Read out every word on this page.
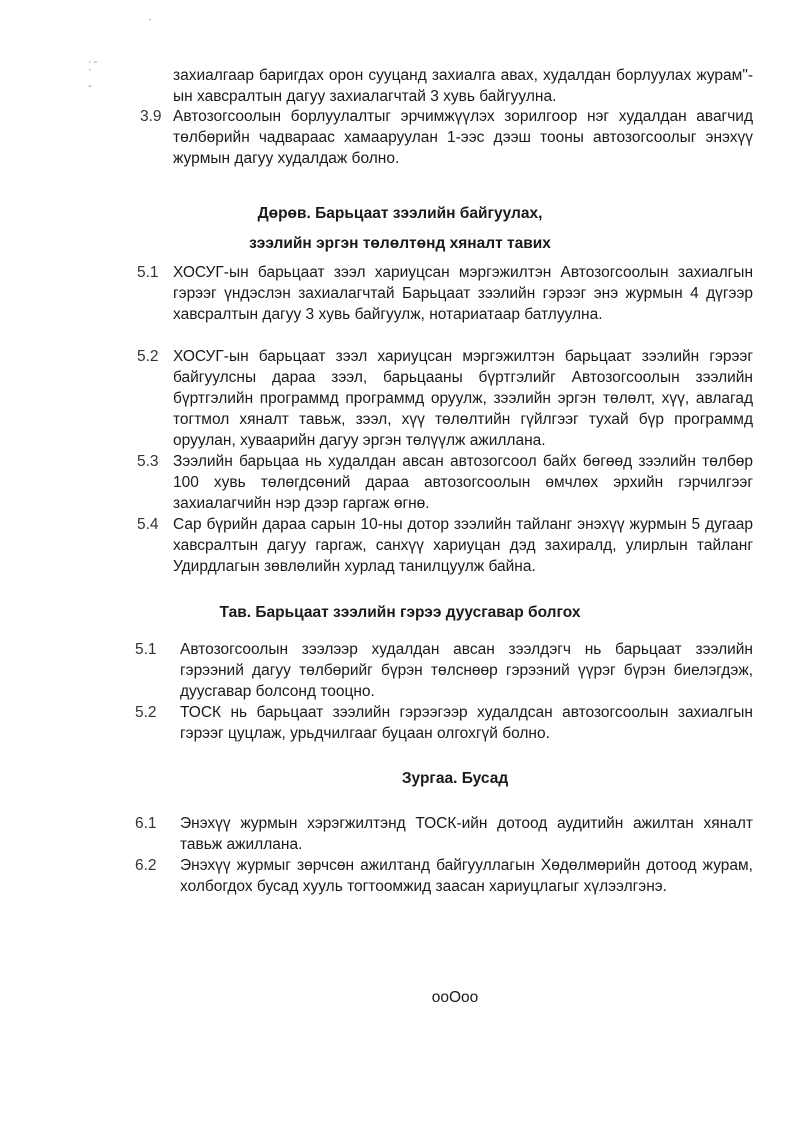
ˊ
·- ˋ -
захиалгаар баригдах орон сууцанд захиалга авах, худалдан борлуулах журам"-ын хавсралтын дагуу захиалагчтай 3 хувь байгуулна.
3.9 Автозогсоолын борлуулалтыг эрчимжүүлэх зорилгоор нэг худалдан авагчид төлбөрийн чадвараас хамааруулан 1-ээс дээш тооны автозогсоолыг энэхүү журмын дагуу худалдаж болно.
Дөрөв. Барьцаат зээлийн байгуулах,
зээлийн эргэн төлөлтөнд хяналт тавих
5.1 ХОСУГ-ын барьцаат зээл хариуцсан мэргэжилтэн Автозогсоолын захиалгын гэрээг үндэслэн захиалагчтай Барьцаат зээлийн гэрээг энэ журмын 4 дүгээр хавсралтын дагуу 3 хувь байгуулж, нотариатаар батлуулна.
5.2 ХОСУГ-ын барьцаат зээл хариуцсан мэргэжилтэн барьцаат зээлийн гэрээг байгуулсны дараа зээл, барьцааны бүртгэлийг Автозогсоолын зээлийн бүртгэлийн программд программд оруулж, зээлийн эргэн төлөлт, хүү, авлагад тогтмол хяналт тавьж, зээл, хүү төлөлтийн гүйлгээг тухай бүр программд оруулан, хуваарийн дагуу эргэн төлүүлж ажиллана.
5.3 Зээлийн барьцаа нь худалдан авсан автозогсоол байх бөгөөд зээлийн төлбөр 100 хувь төлөгдсөний дараа автозогсоолын өмчлөх эрхийн гэрчилгээг захиалагчийн нэр дээр гаргаж өгнө.
5.4 Сар бүрийн дараа сарын 10-ны дотор зээлийн тайланг энэхүү журмын 5 дугаар хавсралтын дагуу гаргаж, санхүү хариуцан дэд захиралд, улирлын тайланг Удирдлагын зөвлөлийн хурлад танилцуулж байна.
Тав. Барьцаат зээлийн гэрээ дуусгавар болгох
5.1 Автозогсоолын зээлээр худалдан авсан зээлдэгч нь барьцаат зээлийн гэрээний дагуу төлбөрийг бүрэн төлснөөр гэрээний үүрэг бүрэн биелэгдэж, дуусгавар болсонд тооцно.
5.2 ТОСК нь барьцаат зээлийн гэрээгээр худалдсан автозогсоолын захиалгын гэрээг цуцлаж, урьдчилгааг буцаан олгохгүй болно.
Зургаа. Бусад
6.1 Энэхүү журмын хэрэгжилтэнд ТОСК-ийн дотоод аудитийн ажилтан хяналт тавьж ажиллана.
6.2 Энэхүү журмыг зөрчсөн ажилтанд байгууллагын Хөдөлмөрийн дотоод журам, холбогдох бусад хууль тогтоомжид заасан хариуцлагыг хүлээлгэнэ.
ооОоо
